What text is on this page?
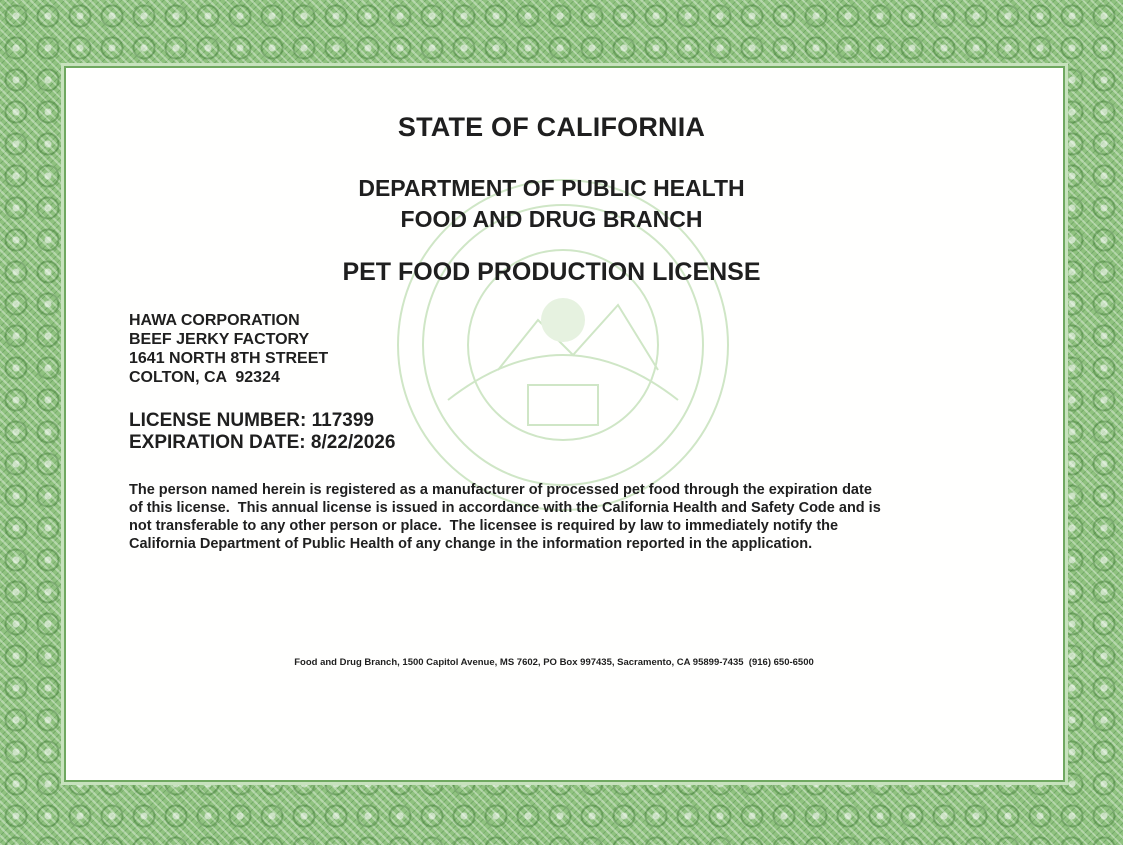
STATE OF CALIFORNIA
DEPARTMENT OF PUBLIC HEALTH
FOOD AND DRUG BRANCH
PET FOOD PRODUCTION LICENSE
HAWA CORPORATION
BEEF JERKY FACTORY
1641 NORTH 8TH STREET
COLTON, CA  92324
LICENSE NUMBER: 117399
EXPIRATION DATE: 8/22/2026
The person named herein is registered as a manufacturer of processed pet food through the expiration date
of this license.  This annual license is issued in accordance with the California Health and Safety Code and is
not transferable to any other person or place.  The licensee is required by law to immediately notify the
California Department of Public Health of any change in the information reported in the application.
Food and Drug Branch, 1500 Capitol Avenue, MS 7602, PO Box 997435, Sacramento, CA 95899-7435  (916) 650-6500
